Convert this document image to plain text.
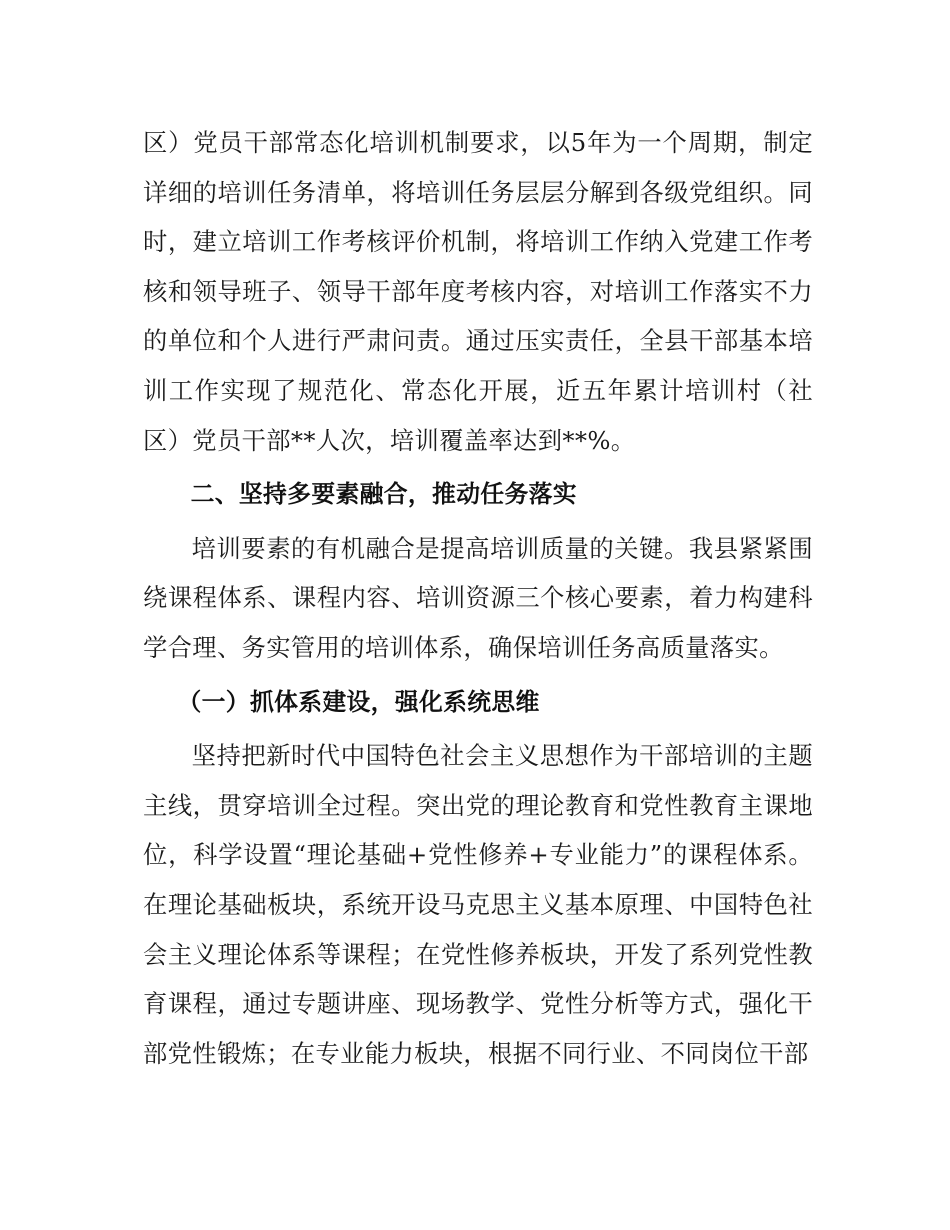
区）党员干部常态化培训机制要求，以5年为一个周期，制定详细的培训任务清单，将培训任务层层分解到各级党组织。同时，建立培训工作考核评价机制，将培训工作纳入党建工作考核和领导班子、领导干部年度考核内容，对培训工作落实不力的单位和个人进行严肃问责。通过压实责任，全县干部基本培训工作实现了规范化、常态化开展，近五年累计培训村（社区）党员干部**人次，培训覆盖率达到**%。

二、坚持多要素融合，推动任务落实

培训要素的有机融合是提高培训质量的关键。我县紧紧围绕课程体系、课程内容、培训资源三个核心要素，着力构建科学合理、务实管用的培训体系，确保培训任务高质量落实。

（一）抓体系建设，强化系统思维

坚持把新时代中国特色社会主义思想作为干部培训的主题主线，贯穿培训全过程。突出党的理论教育和党性教育主课地位，科学设置“理论基础+党性修养+专业能力”的课程体系。在理论基础板块，系统开设马克思主义基本原理、中国特色社会主义理论体系等课程；在党性修养板块，开发了系列党性教育课程，通过专题讲座、现场教学、党性分析等方式，强化干部党性锻炼；在专业能力板块，根据不同行业、不同岗位干部
